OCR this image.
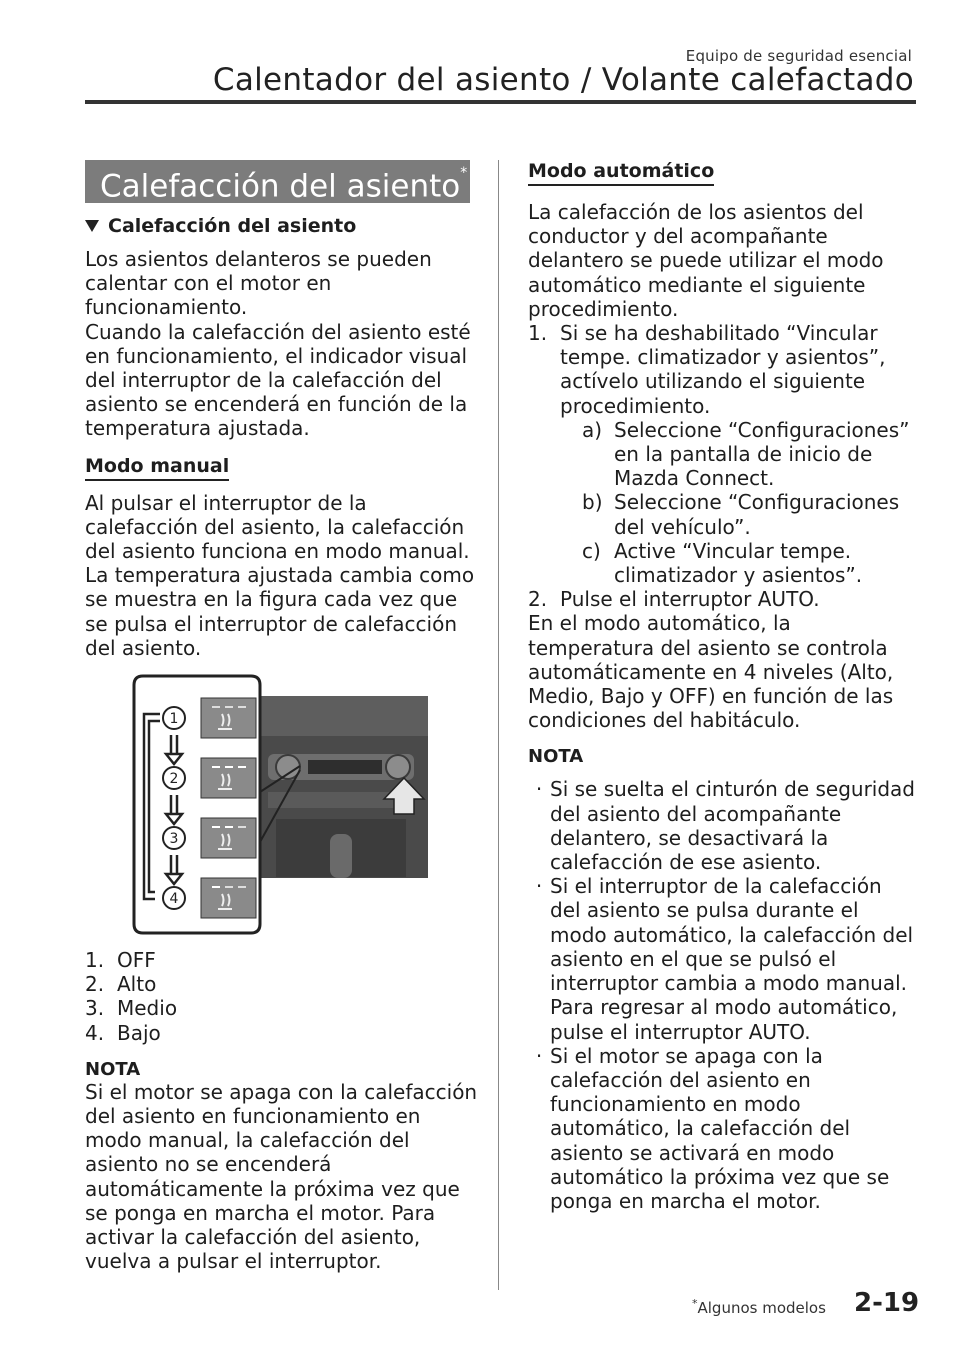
Equipo de seguridad esencial
Calentador del asiento / Volante calefactado
Calefacción del asiento*
Calefacción del asiento

Los asientos delanteros se pueden calentar con el motor en funcionamiento.

Cuando la calefacción del asiento esté en funcionamiento, el indicador visual del interruptor de la calefacción del asiento se encenderá en función de la temperatura ajustada.

Modo manual

Al pulsar el interruptor de la calefacción del asiento, la calefacción del asiento funciona en modo manual. La temperatura ajustada cambia como se muestra en la figura cada vez que se pulsa el interruptor de calefacción del asiento.

1
2
3
4
1. OFF
2. Alto
3. Medio
4. Bajo
NOTA

Si el motor se apaga con la calefacción del asiento en funcionamiento en modo manual, la calefacción del asiento no se encenderá automáticamente la próxima vez que se ponga en marcha el motor. Para activar la calefacción del asiento, vuelva a pulsar el interruptor.

Modo automático

La calefacción de los asientos del conductor y del acompañante delantero se puede utilizar el modo automático mediante el siguiente procedimiento.

1. Si se ha deshabilitado “Vincular tempe. climatizador y asientos”, actívelo utilizando el siguiente procedimiento.
a) Seleccione “Configuraciones” en la pantalla de inicio de Mazda Connect.
b) Seleccione “Configuraciones del vehículo”.
c) Active “Vincular tempe. climatizador y asientos”.
2. Pulse el interruptor AUTO.

En el modo automático, la temperatura del asiento se controla automáticamente en 4 niveles (Alto, Medio, Bajo y OFF) en función de las condiciones del habitáculo.

NOTA
· Si se suelta el cinturón de seguridad del asiento del acompañante delantero, se desactivará la calefacción de ese asiento.
· Si el interruptor de la calefacción del asiento se pulsa durante el modo automático, la calefacción del asiento en el que se pulsó el interruptor cambia a modo manual. Para regresar al modo automático, pulse el interruptor AUTO.
· Si el motor se apaga con la calefacción del asiento en funcionamiento en modo automático, la calefacción del asiento se activará en modo automático la próxima vez que se ponga en marcha el motor.
*Algunos modelos 2-19
